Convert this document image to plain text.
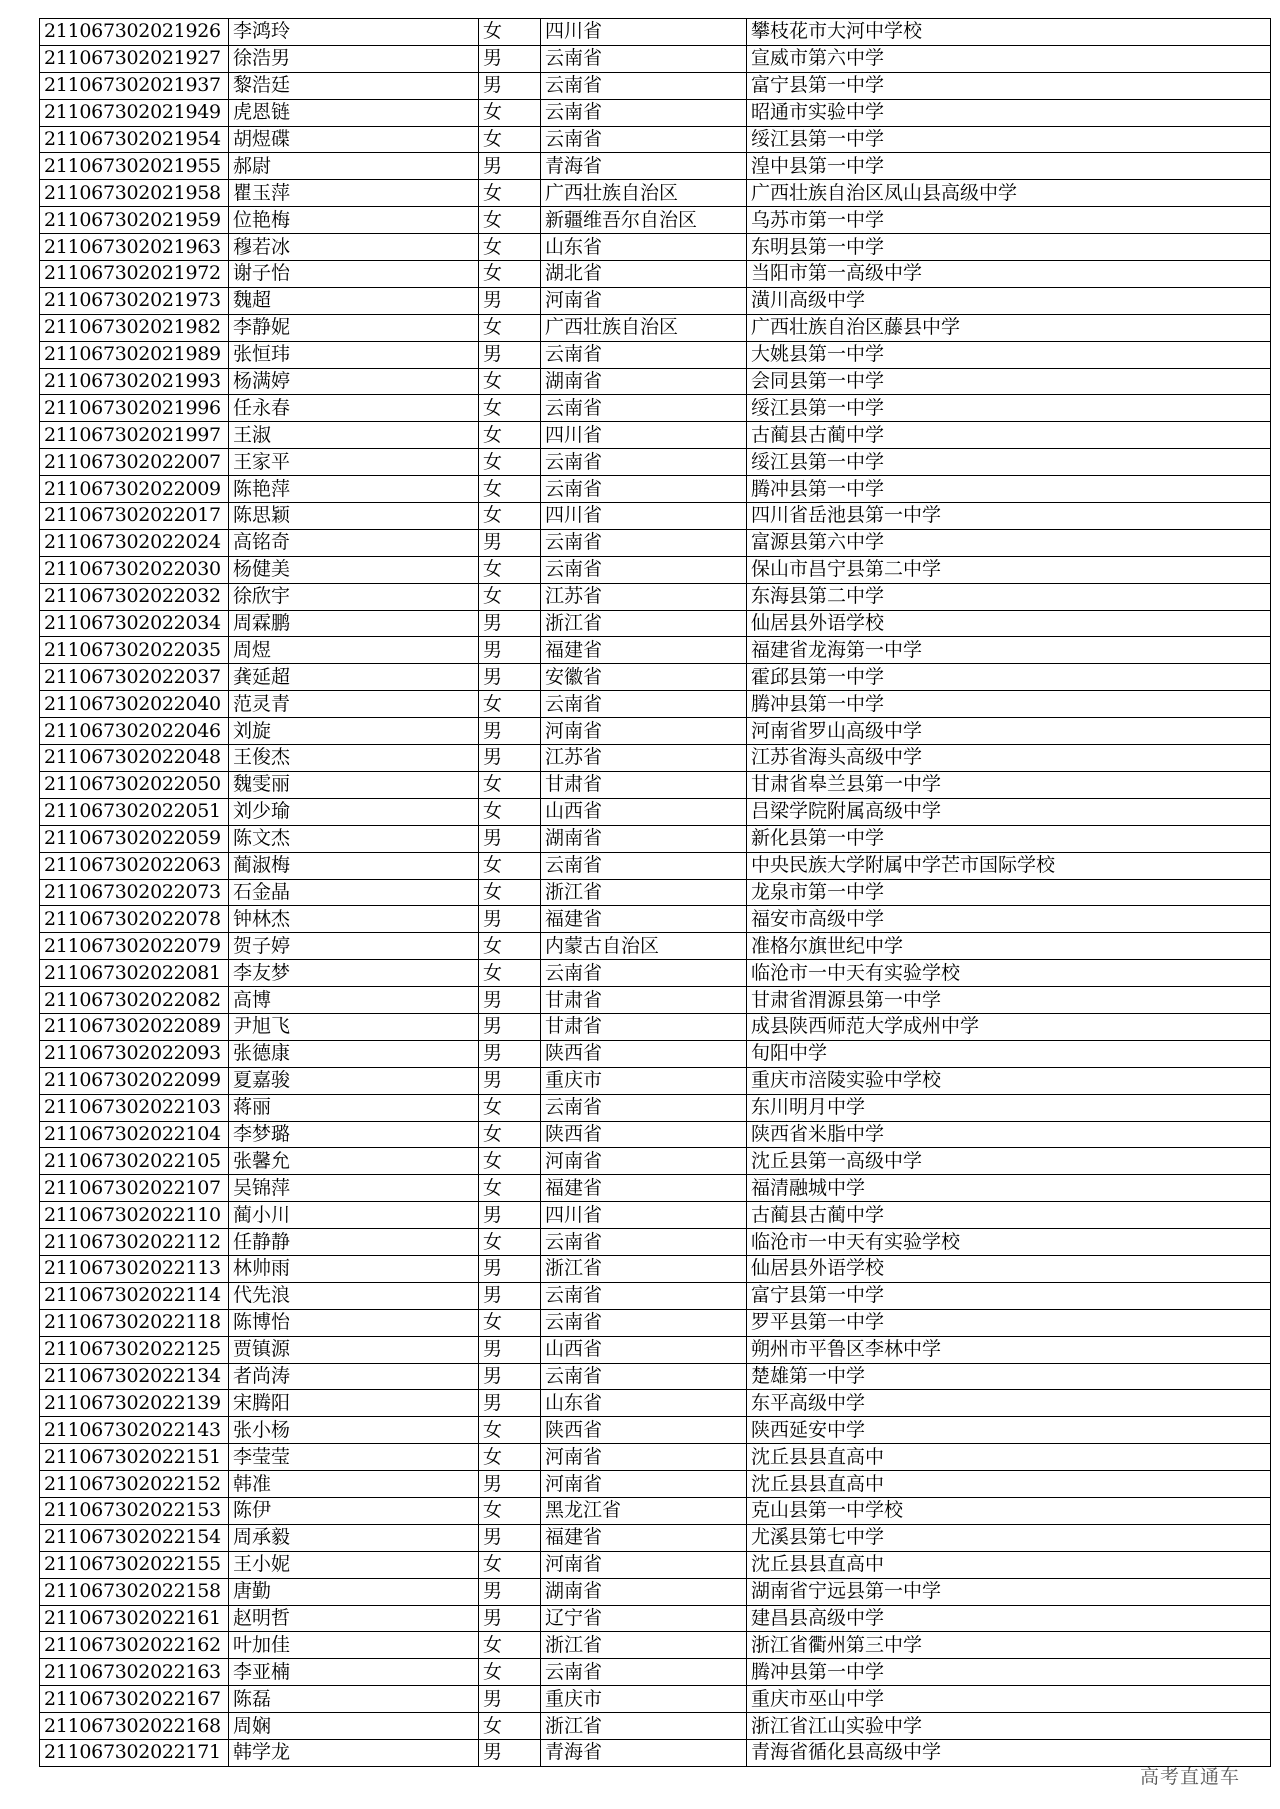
211067302021926	李鸿玲	女	四川省	攀枝花市大河中学校
211067302021927	徐浩男	男	云南省	宣威市第六中学
211067302021937	黎浩廷	男	云南省	富宁县第一中学
211067302021949	虎恩链	女	云南省	昭通市实验中学
211067302021954	胡煜碟	女	云南省	绥江县第一中学
211067302021955	郝尉	男	青海省	湟中县第一中学
211067302021958	瞿玉萍	女	广西壮族自治区	广西壮族自治区凤山县高级中学
211067302021959	位艳梅	女	新疆维吾尔自治区	乌苏市第一中学
211067302021963	穆若冰	女	山东省	东明县第一中学
211067302021972	谢子怡	女	湖北省	当阳市第一高级中学
211067302021973	魏超	男	河南省	潢川高级中学
211067302021982	李静妮	女	广西壮族自治区	广西壮族自治区藤县中学
211067302021989	张恒玮	男	云南省	大姚县第一中学
211067302021993	杨满婷	女	湖南省	会同县第一中学
211067302021996	任永春	女	云南省	绥江县第一中学
211067302021997	王淑	女	四川省	古蔺县古蔺中学
211067302022007	王家平	女	云南省	绥江县第一中学
211067302022009	陈艳萍	女	云南省	腾冲县第一中学
211067302022017	陈思颖	女	四川省	四川省岳池县第一中学
211067302022024	高铭奇	男	云南省	富源县第六中学
211067302022030	杨健美	女	云南省	保山市昌宁县第二中学
211067302022032	徐欣宇	女	江苏省	东海县第二中学
211067302022034	周霖鹏	男	浙江省	仙居县外语学校
211067302022035	周煜	男	福建省	福建省龙海第一中学
211067302022037	龚延超	男	安徽省	霍邱县第一中学
211067302022040	范灵青	女	云南省	腾冲县第一中学
211067302022046	刘旋	男	河南省	河南省罗山高级中学
211067302022048	王俊杰	男	江苏省	江苏省海头高级中学
211067302022050	魏雯丽	女	甘肃省	甘肃省皋兰县第一中学
211067302022051	刘少瑜	女	山西省	吕梁学院附属高级中学
211067302022059	陈文杰	男	湖南省	新化县第一中学
211067302022063	蔺淑梅	女	云南省	中央民族大学附属中学芒市国际学校
211067302022073	石金晶	女	浙江省	龙泉市第一中学
211067302022078	钟林杰	男	福建省	福安市高级中学
211067302022079	贺子婷	女	内蒙古自治区	准格尔旗世纪中学
211067302022081	李友梦	女	云南省	临沧市一中天有实验学校
211067302022082	高博	男	甘肃省	甘肃省渭源县第一中学
211067302022089	尹旭飞	男	甘肃省	成县陕西师范大学成州中学
211067302022093	张德康	男	陕西省	旬阳中学
211067302022099	夏嘉骏	男	重庆市	重庆市涪陵实验中学校
211067302022103	蒋丽	女	云南省	东川明月中学
211067302022104	李梦璐	女	陕西省	陕西省米脂中学
211067302022105	张馨允	女	河南省	沈丘县第一高级中学
211067302022107	吴锦萍	女	福建省	福清融城中学
211067302022110	蔺小川	男	四川省	古蔺县古蔺中学
211067302022112	任静静	女	云南省	临沧市一中天有实验学校
211067302022113	林帅雨	男	浙江省	仙居县外语学校
211067302022114	代先浪	男	云南省	富宁县第一中学
211067302022118	陈博怡	女	云南省	罗平县第一中学
211067302022125	贾镇源	男	山西省	朔州市平鲁区李林中学
211067302022134	者尚涛	男	云南省	楚雄第一中学
211067302022139	宋腾阳	男	山东省	东平高级中学
211067302022143	张小杨	女	陕西省	陕西延安中学
211067302022151	李莹莹	女	河南省	沈丘县县直高中
211067302022152	韩准	男	河南省	沈丘县县直高中
211067302022153	陈伊	女	黑龙江省	克山县第一中学校
211067302022154	周承毅	男	福建省	尤溪县第七中学
211067302022155	王小妮	女	河南省	沈丘县县直高中
211067302022158	唐勤	男	湖南省	湖南省宁远县第一中学
211067302022161	赵明哲	男	辽宁省	建昌县高级中学
211067302022162	叶加佳	女	浙江省	浙江省衢州第三中学
211067302022163	李亚楠	女	云南省	腾冲县第一中学
211067302022167	陈磊	男	重庆市	重庆市巫山中学
211067302022168	周娴	女	浙江省	浙江省江山实验中学
211067302022171	韩学龙	男	青海省	青海省循化县高级中学
高考直通车
